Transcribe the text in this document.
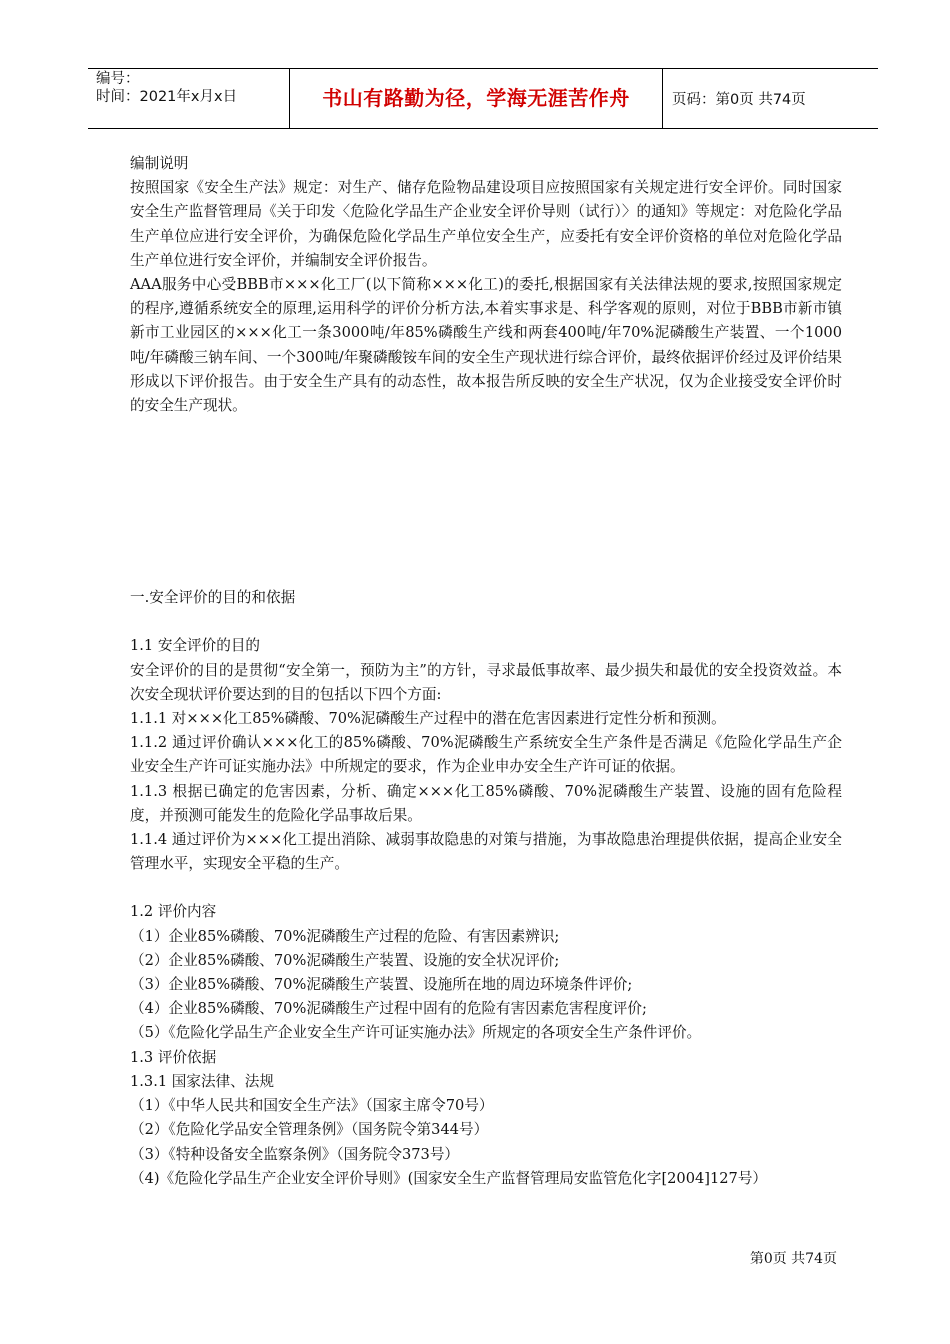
编号：
时间：2021年x月x日	书山有路勤为径，学海无涯苦作舟	页码：第0页 共74页

编制说明

按照国家《安全生产法》规定：对生产、储存危险物品建设项目应按照国家有关规定进行安全评价。同时国家安全生产监督管理局《关于印发〈危险化学品生产企业安全评价导则（试行）〉的通知》等规定：对危险化学品生产单位应进行安全评价，为确保危险化学品生产单位安全生产，应委托有安全评价资格的单位对危险化学品生产单位进行安全评价，并编制安全评价报告。

AAA服务中心受BBB市×××化工厂(以下简称×××化工)的委托,根据国家有关法律法规的要求,按照国家规定的程序,遵循系统安全的原理,运用科学的评价分析方法,本着实事求是、科学客观的原则，对位于BBB市新市镇新市工业园区的×××化工一条3000吨/年85%磷酸生产线和两套400吨/年70%泥磷酸生产装置、一个1000吨/年磷酸三钠车间、一个300吨/年聚磷酸铵车间的安全生产现状进行综合评价，最终依据评价经过及评价结果形成以下评价报告。由于安全生产具有的动态性，故本报告所反映的安全生产状况，仅为企业接受安全评价时的安全生产现状。

一.安全评价的目的和依据

1.1 安全评价的目的

安全评价的目的是贯彻“安全第一，预防为主”的方针，寻求最低事故率、最少损失和最优的安全投资效益。本次安全现状评价要达到的目的包括以下四个方面:

1.1.1 对×××化工85%磷酸、70%泥磷酸生产过程中的潜在危害因素进行定性分析和预测。

1.1.2 通过评价确认×××化工的85%磷酸、70%泥磷酸生产系统安全生产条件是否满足《危险化学品生产企业安全生产许可证实施办法》中所规定的要求，作为企业申办安全生产许可证的依据。

1.1.3 根据已确定的危害因素，分析、确定×××化工85%磷酸、70%泥磷酸生产装置、设施的固有危险程度，并预测可能发生的危险化学品事故后果。

1.1.4 通过评价为×××化工提出消除、减弱事故隐患的对策与措施，为事故隐患治理提供依据，提高企业安全管理水平，实现安全平稳的生产。

1.2 评价内容

（1）企业85%磷酸、70%泥磷酸生产过程的危险、有害因素辨识;

（2）企业85%磷酸、70%泥磷酸生产装置、设施的安全状况评价;

（3）企业85%磷酸、70%泥磷酸生产装置、设施所在地的周边环境条件评价;

（4）企业85%磷酸、70%泥磷酸生产过程中固有的危险有害因素危害程度评价;

（5）《危险化学品生产企业安全生产许可证实施办法》所规定的各项安全生产条件评价。

1.3 评价依据

1.3.1 国家法律、法规

（1）《中华人民共和国安全生产法》（国家主席令70号）

（2）《危险化学品安全管理条例》（国务院令第344号）

（3）《特种设备安全监察条例》（国务院令373号）

（4)《危险化学品生产企业安全评价导则》(国家安全生产监督管理局安监管危化字[2004]127号）

第0页 共74页
